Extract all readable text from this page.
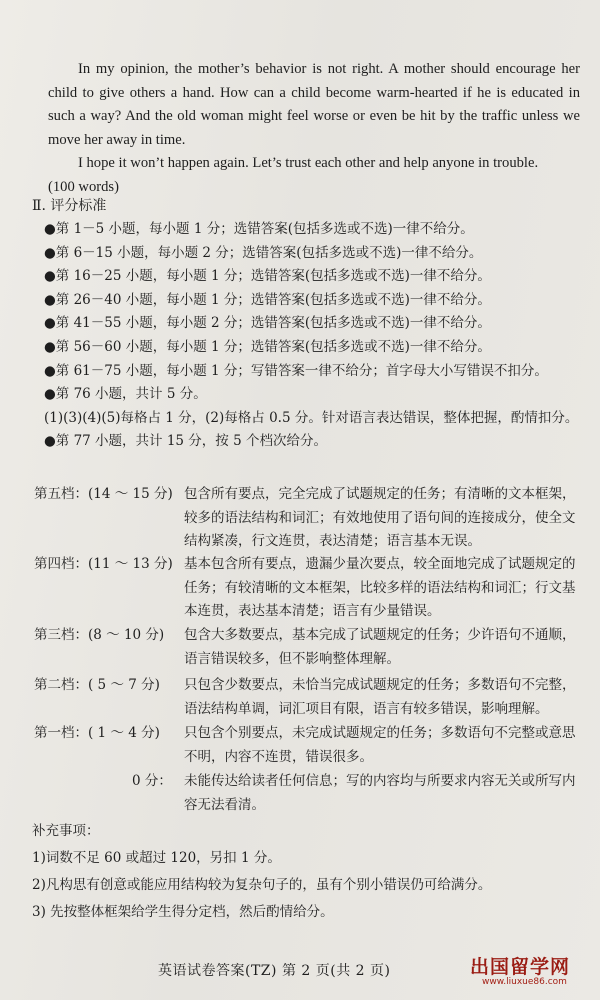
In my opinion, the mother’s behavior is not right. A mother should encourage her child to give others a hand. How can a child become warm-hearted if he is educated in such a way? And the old woman might feel worse or even be hit by the traffic unless we move her away in time.

I hope it won’t happen again. Let’s trust each other and help anyone in trouble.

(100 words)

Ⅱ. 评分标准
●第 1－5 小题，每小题 1 分；选错答案(包括多选或不选)一律不给分。
●第 6－15 小题，每小题 2 分；选错答案(包括多选或不选)一律不给分。
●第 16－25 小题，每小题 1 分；选错答案(包括多选或不选)一律不给分。
●第 26－40 小题，每小题 1 分；选错答案(包括多选或不选)一律不给分。
●第 41－55 小题，每小题 2 分；选错答案(包括多选或不选)一律不给分。
●第 56－60 小题，每小题 1 分；选错答案(包括多选或不选)一律不给分。
●第 61－75 小题，每小题 1 分；写错答案一律不给分；首字母大小写错误不扣分。
●第 76 小题，共计 5 分。
(1)(3)(4)(5)每格占 1 分，(2)每格占 0.5 分。针对语言表达错误，整体把握，酌情扣分。
●第 77 小题，共计 15 分，按 5 个档次给分。
第五档：(14 ～ 15 分) 包含所有要点，完全完成了试题规定的任务；有清晰的文本框架，较多的语法结构和词汇；有效地使用了语句间的连接成分，使全文结构紧凑，行文连贯，表达清楚；语言基本无误。
第四档：(11 ～ 13 分) 基本包含所有要点，遗漏少量次要点，较全面地完成了试题规定的任务；有较清晰的文本框架，比较多样的语法结构和词汇；行文基本连贯，表达基本清楚；语言有少量错误。
第三档：(8 ～ 10 分) 包含大多数要点，基本完成了试题规定的任务；少许语句不通顺，语言错误较多，但不影响整体理解。
第二档：( 5 ～ 7 分) 只包含少数要点，未恰当完成试题规定的任务；多数语句不完整，语法结构单调，词汇项目有限，语言有较多错误，影响理解。
第一档：( 1 ～ 4 分) 只包含个别要点，未完成试题规定的任务；多数语句不完整或意思不明，内容不连贯，错误很多。
0 分： 未能传达给读者任何信息；写的内容均与所要求内容无关或所写内容无法看清。
补充事项：
1)词数不足 60 或超过 120，另扣 1 分。
2)凡构思有创意或能应用结构较为复杂句子的，虽有个别小错误仍可给满分。
3) 先按整体框架给学生得分定档，然后酌情给分。
英语试卷答案(TZ) 第 2 页(共 2 页)	出国留学网
www.liuxue86.com
